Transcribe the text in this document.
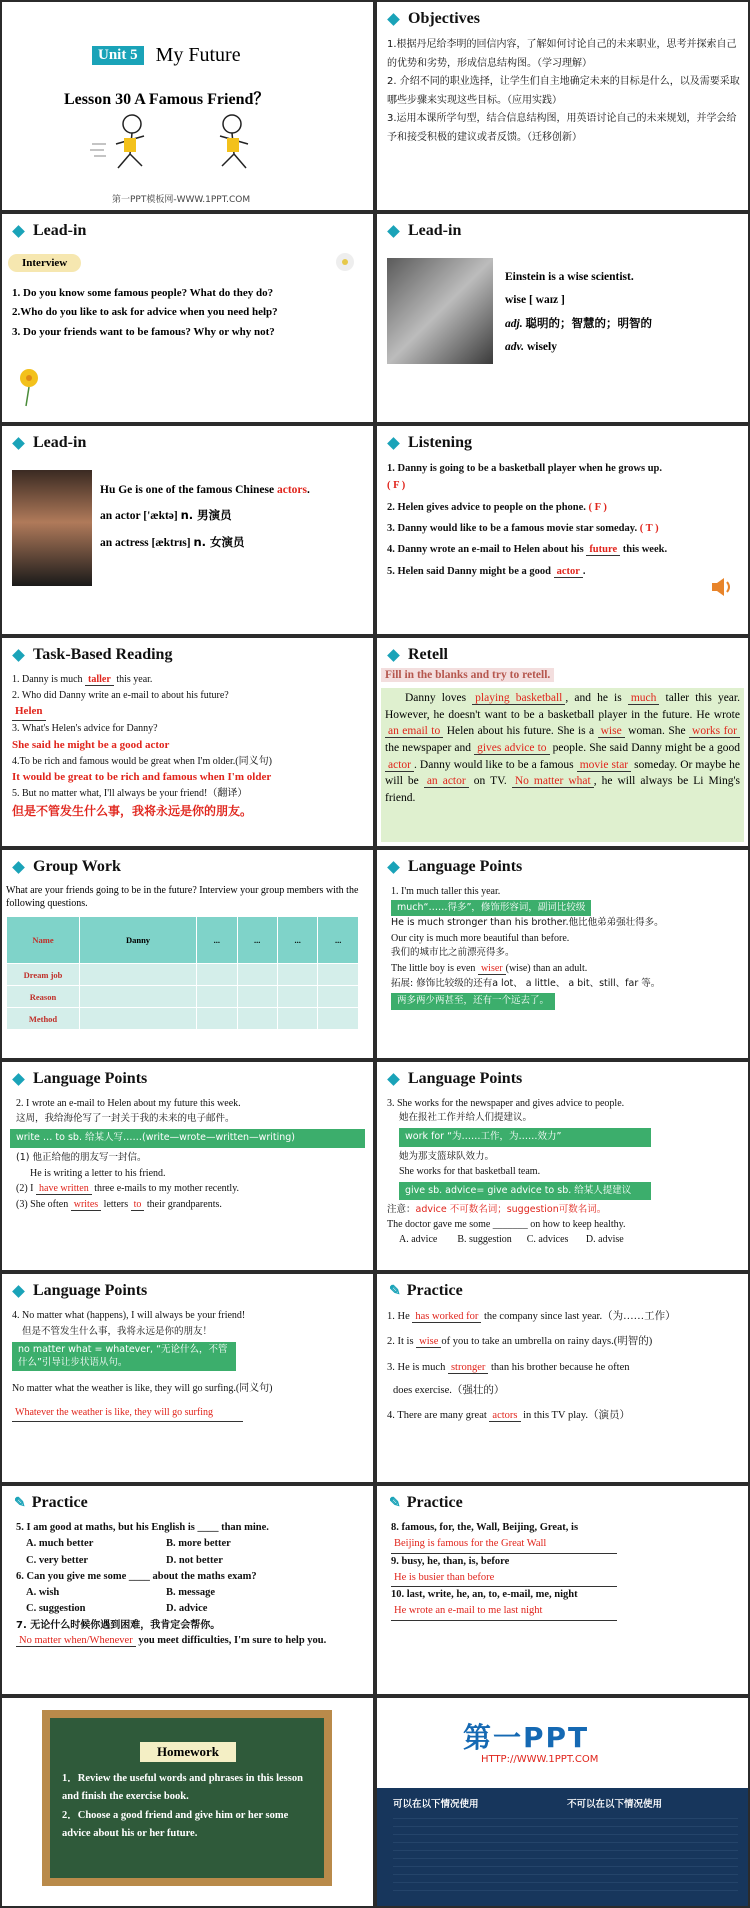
Unit 5 My Future
Lesson 30 A Famous Friend？
第一PPT模板网-WWW.1PPT.COM
Objectives
1.根据丹尼给李明的回信内容，了解如何讨论自己的未来职业，思考并探索自己的优势和劣势，形成信息结构图。（学习理解）
2. 介绍不同的职业选择，让学生们自主地确定未来的目标是什么，以及需要采取哪些步骤来实现这些目标。（应用实践）
3.运用本课所学句型，结合信息结构图，用英语讨论自己的未来规划，并学会给予和接受积极的建议或者反馈。（迁移创新）
Lead-in
Interview
1. Do you know some famous people? What do they do?
2.Who do you like to ask for advice when you need help?
3. Do your friends want to be famous? Why or why not?
Lead-in
Einstein is a wise scientist.
wise [ waɪz ]
adj. 聪明的；智慧的；明智的
adv. wisely
Lead-in
Hu Ge is one of the famous Chinese actors.
an actor ['æktə] n. 男演员
an actress [æktrɪs] n. 女演员
Listening
1. Danny is going to be a basketball player when he grows up.
( F )
2. Helen gives advice to people on the phone. ( F )
3. Danny would like to be a famous movie star someday. ( T )
4. Danny wrote an e-mail to Helen about his future this week.
5. Helen said Danny might be a good actor .
Task-Based Reading
1. Danny is much taller this year.
2. Who did Danny write an e-mail to about his future?
Helen
3. What's Helen's advice for Danny?
She said he might be a good actor
4.To be rich and famous would be great when I'm older.(同义句)
It would be great to be rich and famous when I'm older
5. But no matter what, I'll always be your friend!（翻译）
但是不管发生什么事，我将永远是你的朋友。
Retell
Fill in the blanks and try to retell.
Danny loves playing basketball , and he is much taller this year. However, he doesn't want to be a basketball player in the future. He wrote an email to Helen about his future. She is a wise woman. She works for the newspaper and gives advice to people. She said Danny might be a good actor . Danny would like to be a famous movie star someday. Or maybe he will be an actor on TV. No matter what , he will always be Li Ming's friend.
Group Work
What are your friends going to be in the future? Interview your group members with the following questions.
Name	Danny	...	...	...	...
Dream job					
Reason					
Method					
Language Points
1. I'm much taller this year.
much“……得多”，修饰形容词，副词比较级
He is much stronger than his brother.他比他弟弟强壮得多。
Our city is much more beautiful than before.
我们的城市比之前漂亮得多。
The little boy is even wiser (wise) than an adult.
拓展: 修饰比较级的还有a lot、 a little、 a bit、still、far 等。
两多两少两甚至，还有一个远去了。
Language Points
2. I wrote an e-mail to Helen about my future this week.
这周，我给海伦写了一封关于我的未来的电子邮件。
write … to sb. 给某人写……(write—wrote—written—writing)
(1) 他正给他的朋友写一封信。
He is writing a letter to his friend.
(2) I have written three e-mails to my mother recently.
(3) She often writes letters to their grandparents.
Language Points
3. She works for the newspaper and gives advice to people.
她在报社工作并给人们提建议。
work for “为……工作，为……效力”
她为那支篮球队效力。
She works for that basketball team.
give sb. advice= give advice to sb. 给某人提建议
注意：advice 不可数名词；suggestion可数名词。
The doctor gave me some _______ on how to keep healthy.
A. advice        B. suggestion      C. advices       D. advise
Language Points
4. No matter what (happens), I will always be your friend!
但是不管发生什么事，我将永远是你的朋友！
no matter what = whatever, “无论什么，不管什么”引导让步状语从句。
No matter what the weather is like, they will go surfing.(同义句)
Whatever the weather is like, they will go surfing
✎ Practice
1. He has worked for the company since last year.（为……工作）
2. It is wise of you to take an umbrella on rainy days.(明智的)
3. He is much stronger than his brother because he often
does exercise.（强壮的）
4. There are many great actors in this TV play.（演员）
✎ Practice
5. I am good at maths, but his English is ____ than mine.
A. much better	B. more better
C. very better	D. not better
6. Can you give me some ____ about the maths exam?
A. wish	B. message
C. suggestion	D. advice
7. 无论什么时候你遇到困难，我肯定会帮你。
No matter when/Whenever you meet difficulties, I'm sure to help you.
✎ Practice
8. famous, for, the, Wall, Beijing, Great, is
Beijing is famous for the Great Wall
9. busy, he, than, is, before
He is busier than before
10. last, write, he, an, to, e-mail, me, night
He wrote an e-mail to me last night
Homework
1．Review the useful words and phrases in this lesson and finish the exercise book.
2．Choose a good friend and give him or her some advice about his or her future.
第一PPT
HTTP://WWW.1PPT.COM
可以在以下情况使用	不可以在以下情况使用
